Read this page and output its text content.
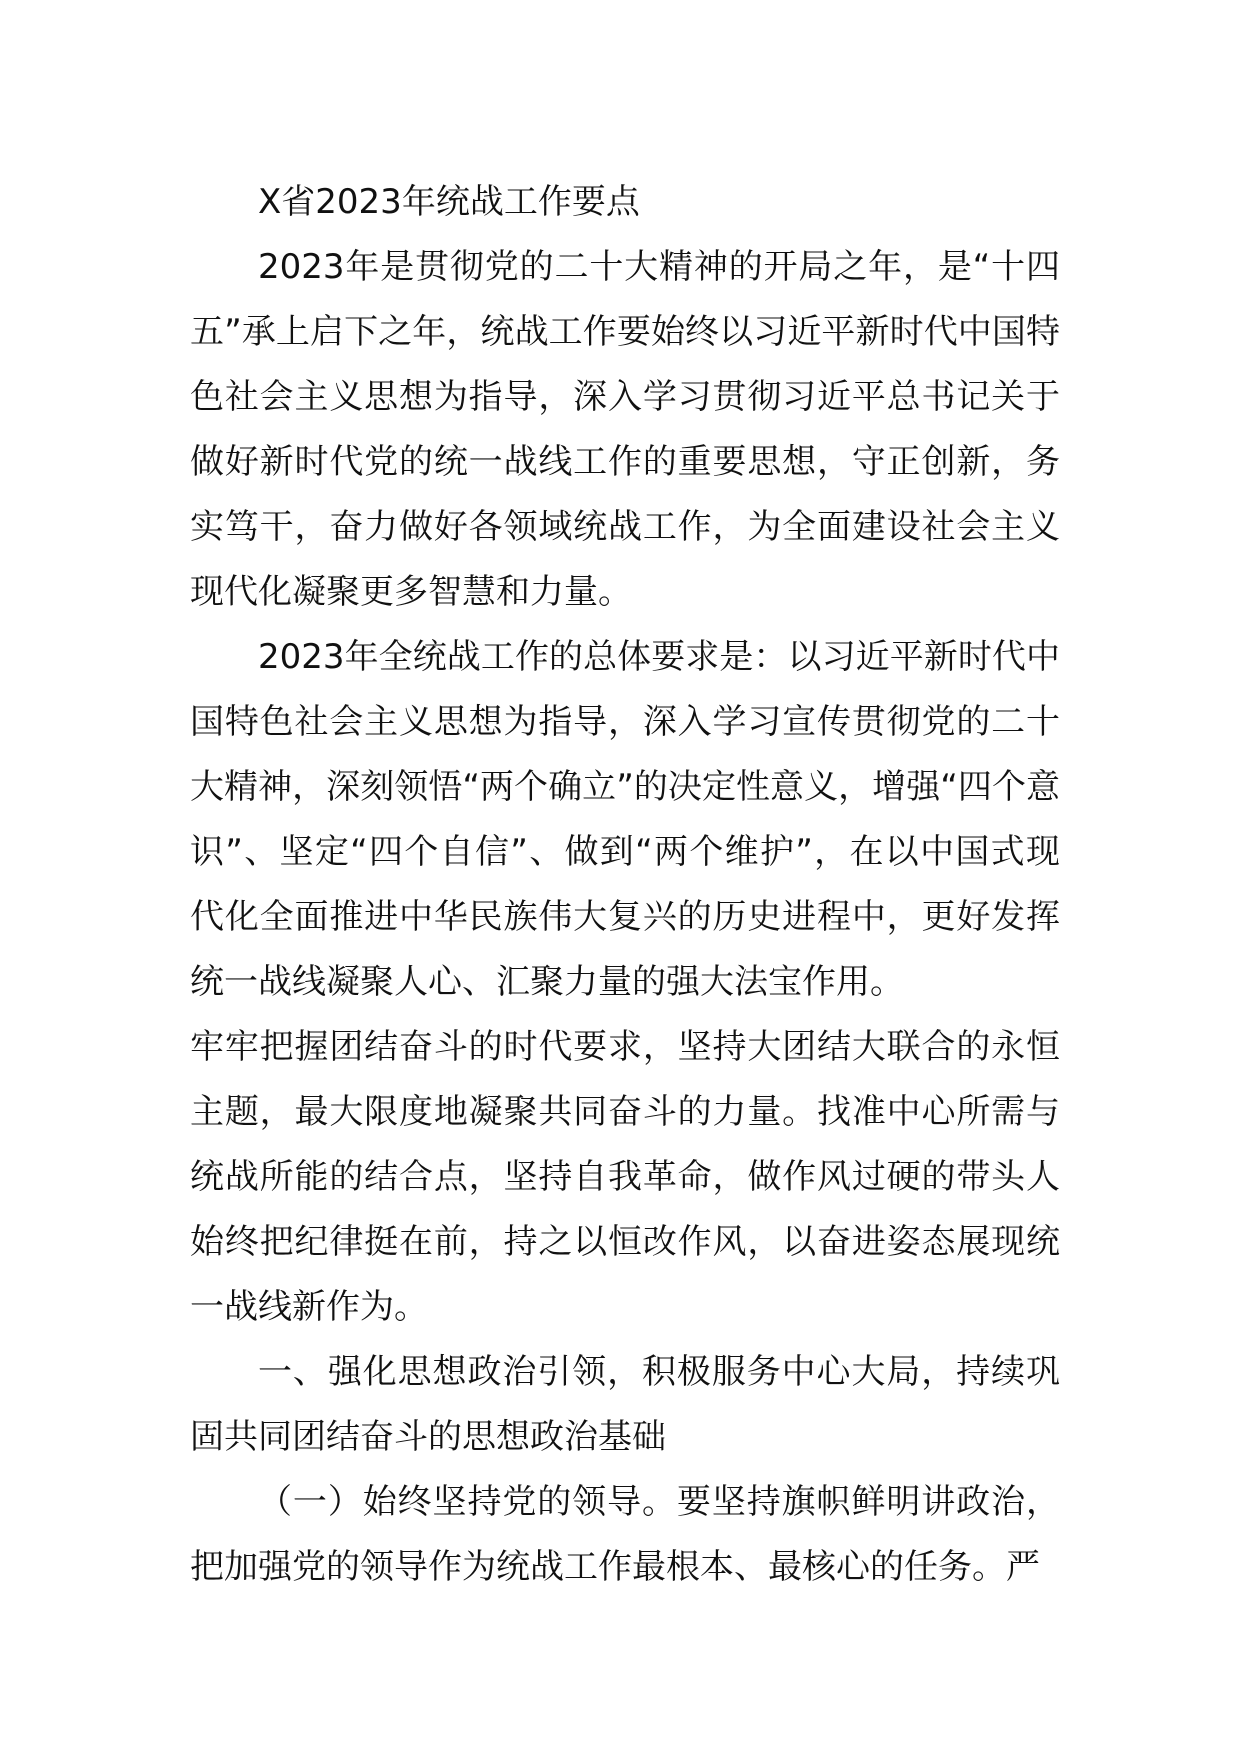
X省2023年统战工作要点

2023年是贯彻党的二十大精神的开局之年，是“十四五”承上启下之年，统战工作要始终以习近平新时代中国特色社会主义思想为指导，深入学习贯彻习近平总书记关于做好新时代党的统一战线工作的重要思想，守正创新，务实笃干，奋力做好各领域统战工作，为全面建设社会主义现代化凝聚更多智慧和力量。

2023年全统战工作的总体要求是：以习近平新时代中国特色社会主义思想为指导，深入学习宣传贯彻党的二十大精神，深刻领悟“两个确立”的决定性意义，增强“四个意识”、坚定“四个自信”、做到“两个维护”，在以中国式现代化全面推进中华民族伟大复兴的历史进程中，更好发挥统一战线凝聚人心、汇聚力量的强大法宝作用。

牢牢把握团结奋斗的时代要求，坚持大团结大联合的永恒主题，最大限度地凝聚共同奋斗的力量。找准中心所需与统战所能的结合点，坚持自我革命，做作风过硬的带头人始终把纪律挺在前，持之以恒改作风，以奋进姿态展现统一战线新作为。

一、强化思想政治引领，积极服务中心大局，持续巩固共同团结奋斗的思想政治基础

（一）始终坚持党的领导。要坚持旗帜鲜明讲政治，把加强党的领导作为统战工作最根本、最核心的任务。严
